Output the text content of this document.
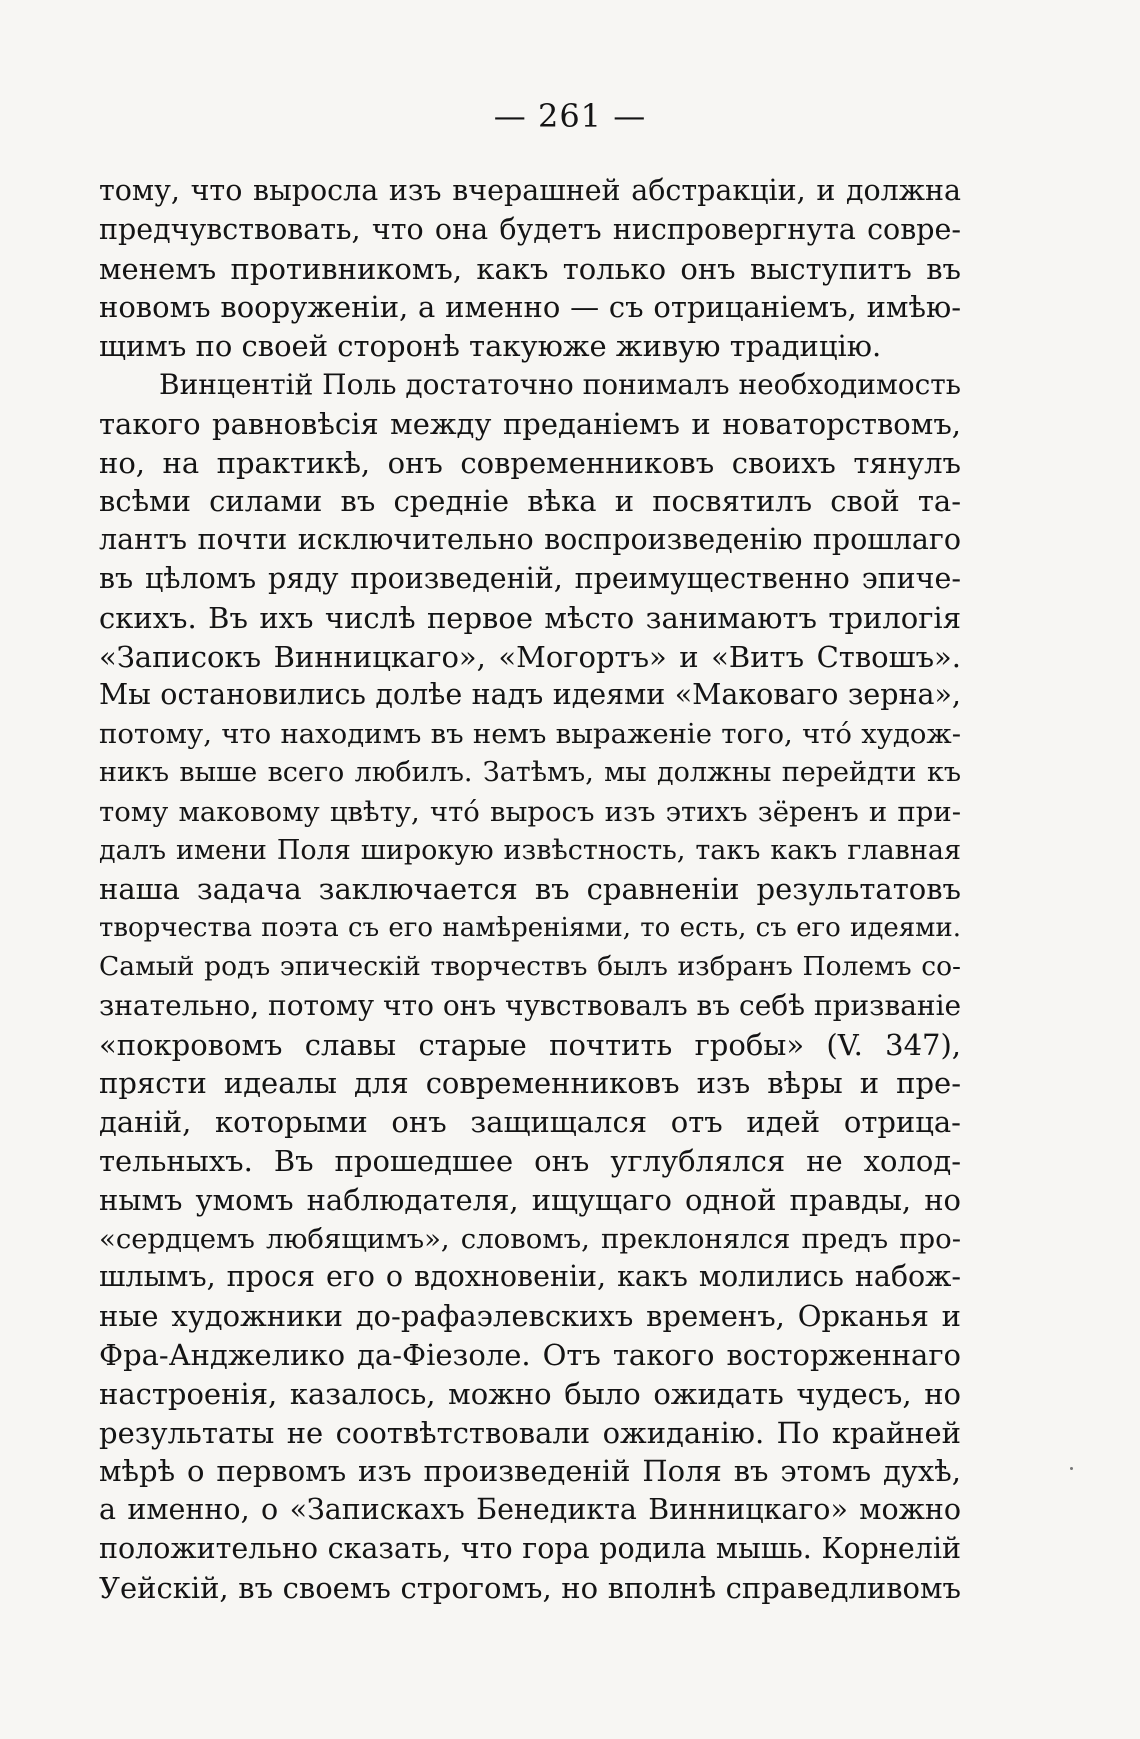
— 261 —
тому, что выросла изъ вчерашней абстракціи, и должна
предчувствовать, что она будетъ ниспровергнута совре-
менемъ противникомъ, какъ только онъ выступитъ въ
новомъ вооруженіи, а именно — съ отрицаніемъ, имѣю-
щимъ по своей сторонѣ такуюже живую традицію.
Винцентій Поль достаточно понималъ необходимость
такого равновѣсія между преданіемъ и новаторствомъ,
но, на практикѣ, онъ современниковъ своихъ тянулъ
всѣми силами въ средніе вѣка и посвятилъ свой та-
лантъ почти исключительно воспроизведенію прошлаго
въ цѣломъ ряду произведеній, преимущественно эпиче-
скихъ. Въ ихъ числѣ первое мѣсто занимаютъ трилогія
«Записокъ Винницкаго», «Могортъ» и «Витъ Ствошъ».
Мы остановились долѣе надъ идеями «Маковаго зерна»,
потому, что находимъ въ немъ выраженіе того, что́ худож-
никъ выше всего любилъ. Затѣмъ, мы должны перейдти къ
тому маковому цвѣту, что́ выросъ изъ этихъ зёренъ и при-
далъ имени Поля широкую извѣстность, такъ какъ главная
наша задача заключается въ сравненіи результатовъ
творчества поэта съ его намѣреніями, то есть, съ его идеями.
Самый родъ эпическій творчествъ былъ избранъ Полемъ со-
знательно, потому что онъ чувствовалъ въ себѣ призваніе
«покровомъ славы старые почтить гробы» (V. 347),
прясти идеалы для современниковъ изъ вѣры и пре-
даній, которыми онъ защищался отъ идей отрица-
тельныхъ. Въ прошедшее онъ углублялся не холод-
нымъ умомъ наблюдателя, ищущаго одной правды, но
«сердцемъ любящимъ», словомъ, преклонялся предъ про-
шлымъ, прося его о вдохновеніи, какъ молились набож-
ные художники до-рафаэлевскихъ временъ, Орканья и
Фра-Анджелико да-Фіезоле. Отъ такого восторженнаго
настроенія, казалось, можно было ожидать чудесъ, но
результаты не соотвѣтствовали ожиданію. По крайней
мѣрѣ о первомъ изъ произведеній Поля въ этомъ духѣ,
а именно, о «Запискахъ Бенедикта Винницкаго» можно
положительно сказать, что гора родила мышь. Корнелій
Уейскій, въ своемъ строгомъ, но вполнѣ справедливомъ
